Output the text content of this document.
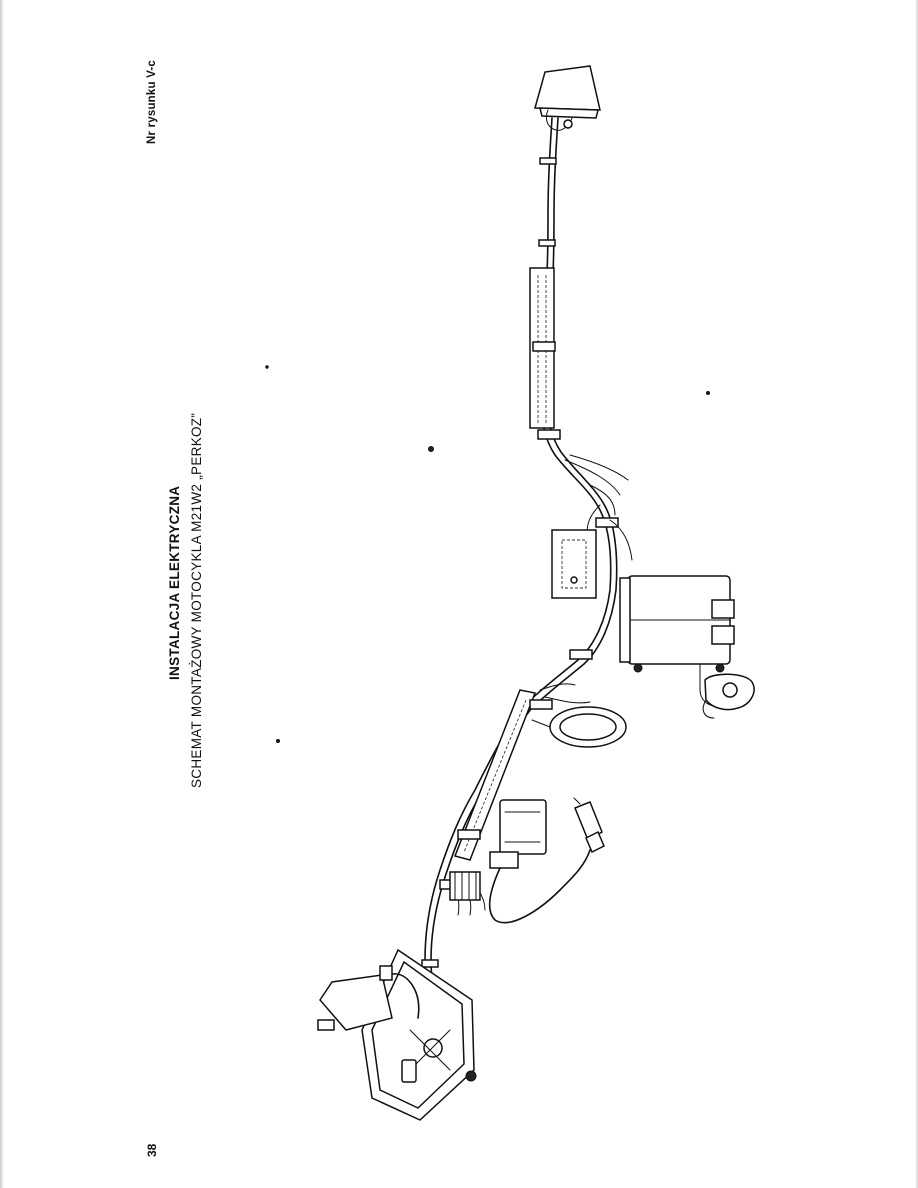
Nr rysunku V-c
INSTALACJA ELEKTRYCZNA SCHEMAT MONTAŻOWY MOTOCYKLA M21W2 „PERKOZ”
38
